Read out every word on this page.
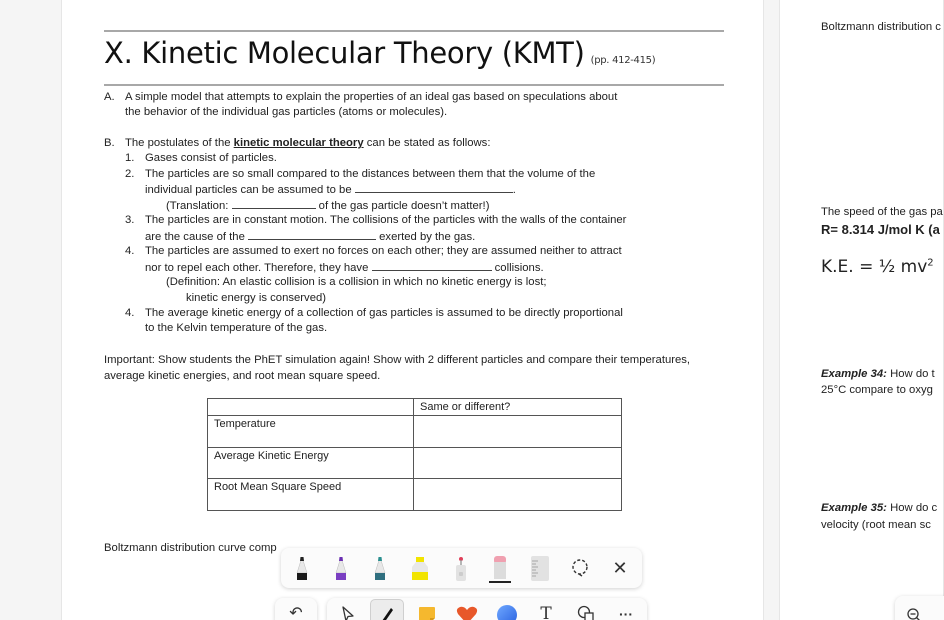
X. Kinetic Molecular Theory (KMT) (pp. 412-415)
A. A simple model that attempts to explain the properties of an ideal gas based on speculations about
the behavior of the individual gas particles (atoms or molecules).
B. The postulates of the kinetic molecular theory can be stated as follows:
1. Gases consist of particles.
2. The particles are so small compared to the distances between them that the volume of the
individual particles can be assumed to be	.
(Translation:	of the gas particle doesn’t matter!)
3. The particles are in constant motion. The collisions of the particles with the walls of the container
are the cause of the	exerted by the gas.
4. The particles are assumed to exert no forces on each other; they are assumed neither to attract
nor to repel each other. Therefore, they have	collisions.
(Definition: An elastic collision is a collision in which no kinetic energy is lost;
kinetic energy is conserved)
4. The average kinetic energy of a collection of gas particles is assumed to be directly proportional
to the Kelvin temperature of the gas.
Important: Show students the PhET simulation again! Show with 2 different particles and compare their temperatures,
average kinetic energies, and root mean square speed.
	Same or different?
Temperature	
Average Kinetic Energy	
Root Mean Square Speed	
Boltzmann distribution curve comp
Boltzmann distribution c
The speed of the gas pa
R= 8.314 J/mol K (a
K.E. = ½ $mv^2$
Example 34: How do t
25°C compare to oxyg
Example 35: How do c
velocity (root mean sc
✕
↶	T	···
